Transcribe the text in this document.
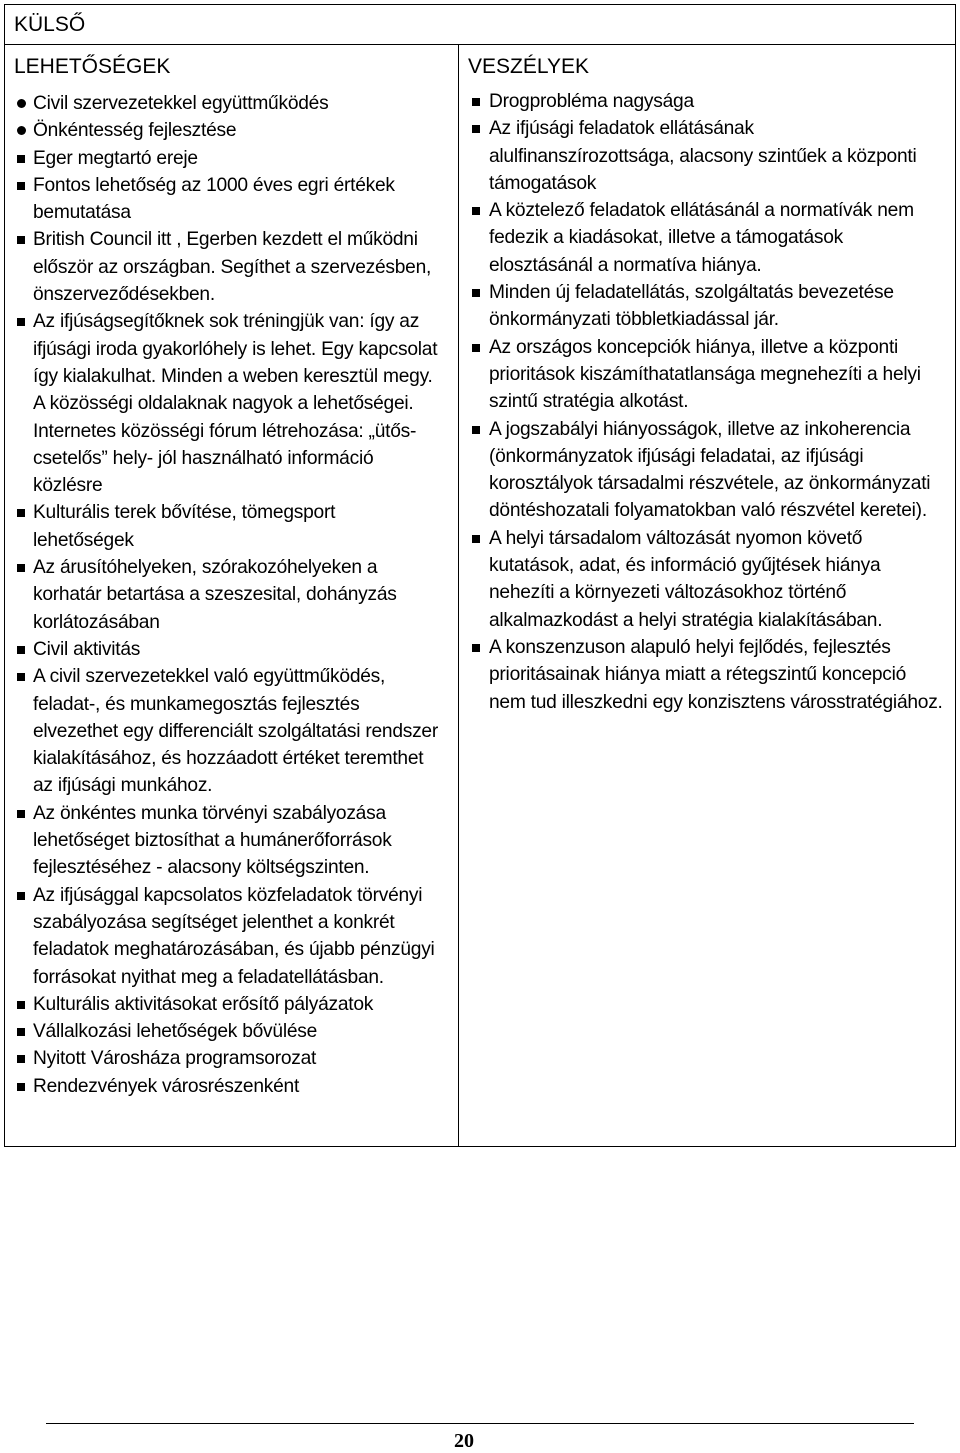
KÜLSŐ
LEHETŐSÉGEK
Civil szervezetekkel együttműködés
Önkéntesség fejlesztése
Eger megtartó ereje
Fontos lehetőség az 1000 éves egri értékek bemutatása
British Council itt , Egerben kezdett el működni először az országban. Segíthet a szervezésben, önszerveződésekben.
Az ifjúságsegítőknek sok tréningjük van: így az ifjúsági iroda gyakorlóhely is lehet. Egy kapcsolat így kialakulhat. Minden a weben keresztül megy. A közösségi oldalaknak nagyok a lehetőségei. Internetes közösségi fórum létrehozása: „ütős-csetelős” hely- jól használható információ közlésre
Kulturális terek bővítése, tömegsport lehetőségek
Az árusítóhelyeken, szórakozóhelyeken a korhatár betartása a szeszesital, dohányzás korlátozásában
Civil aktivitás
A civil szervezetekkel való együttműködés, feladat-, és munkamegosztás fejlesztés elvezethet egy differenciált szolgáltatási rendszer kialakításához, és hozzáadott értéket teremthet az ifjúsági munkához.
Az önkéntes munka törvényi szabályozása lehetőséget biztosíthat a humánerőforrások fejlesztéséhez - alacsony költségszinten.
Az ifjúsággal kapcsolatos közfeladatok törvényi szabályozása segítséget jelenthet a konkrét feladatok meghatározásában, és újabb pénzügyi forrásokat nyithat meg a feladatellátásban.
Kulturális aktivitásokat erősítő pályázatok
Vállalkozási lehetőségek bővülése
Nyitott Városháza programsorozat
Rendezvények városrészenként
VESZÉLYEK
Drogprobléma nagysága
Az ifjúsági feladatok ellátásának alulfinanszírozottsága, alacsony szintűek a központi támogatások
A köztelező feladatok ellátásánál a normatívák nem fedezik a kiadásokat, illetve a támogatások elosztásánál a normatíva hiánya.
Minden új feladatellátás, szolgáltatás bevezetése önkormányzati többletkiadással jár.
Az országos koncepciók hiánya, illetve a központi prioritások kiszámíthatatlansága megnehezíti a helyi szintű stratégia alkotást.
A jogszabályi hiányosságok, illetve az inkoherencia (önkormányzatok ifjúsági feladatai, az ifjúsági korosztályok társadalmi részvétele, az önkormányzati döntéshozatali folyamatokban való részvétel keretei).
A helyi társadalom változását nyomon követő kutatások, adat, és információ gyűjtések hiánya nehezíti a környezeti változásokhoz történő alkalmazkodást a helyi stratégia kialakításában.
A konszenzuson alapuló helyi fejlődés, fejlesztés prioritásainak hiánya miatt a rétegszintű koncepció nem tud illeszkedni egy konzisztens városstratégiához.
20
